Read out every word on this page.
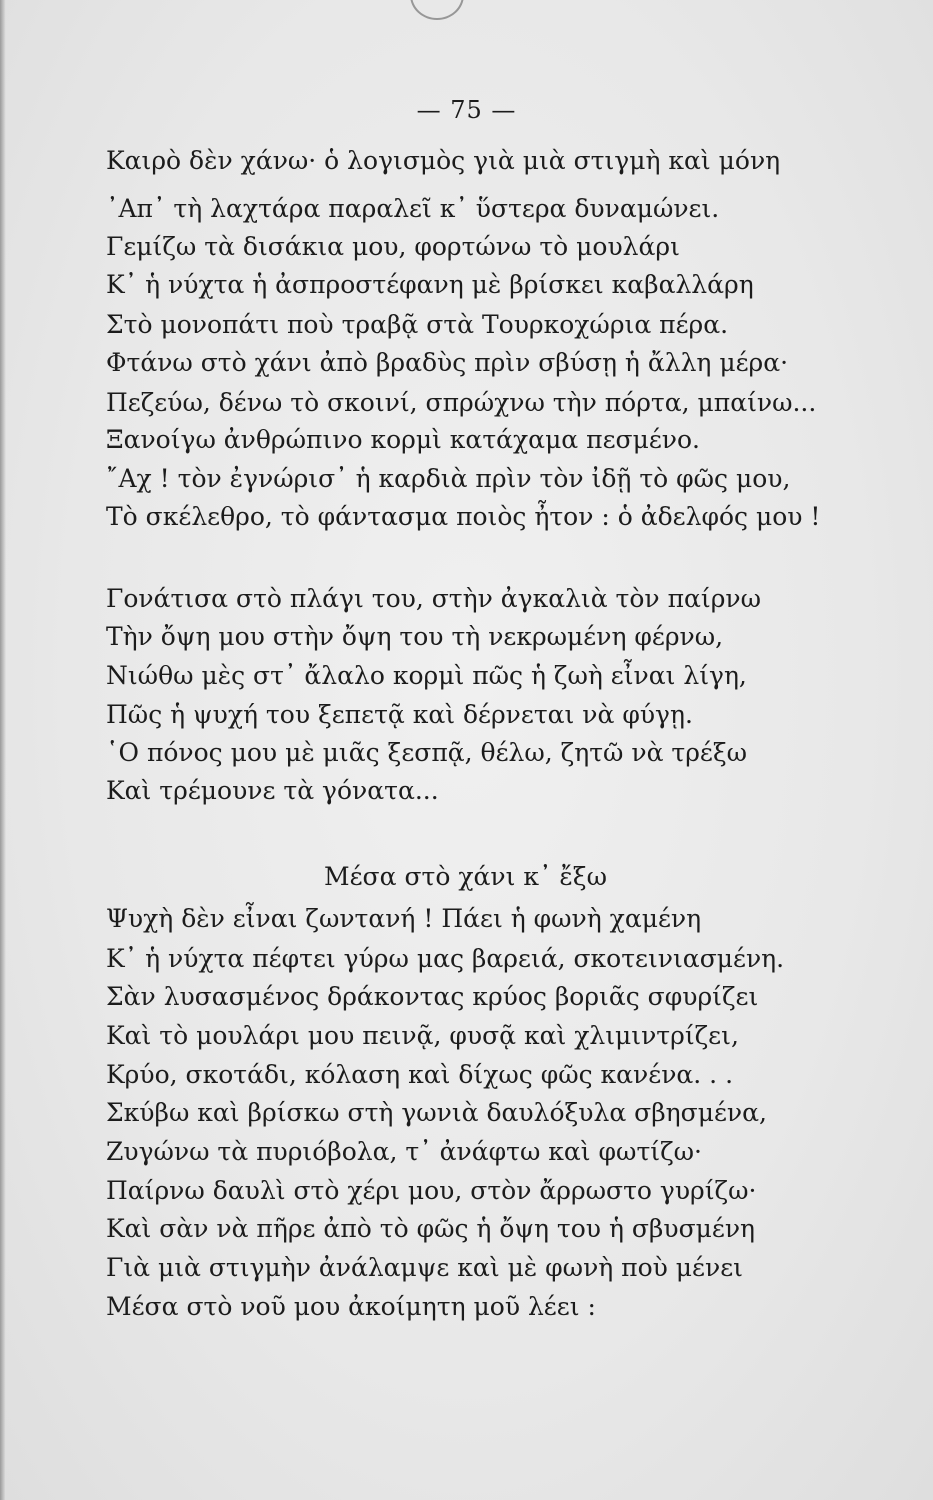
— 75 —
Καιρὸ δὲν χάνω· ὁ λογισμὸς γιὰ μιὰ στιγμὴ καὶ μόνη
᾽Απ᾽ τὴ λαχτάρα παραλεῖ κ᾽ ὕστερα δυναμώνει.
Γεμίζω τὰ δισάκια μου, φορτώνω τὸ μουλάρι
Κ᾽ ἡ νύχτα ἡ ἀσπροστέφανη μὲ βρίσκει καβαλλάρη
Στὸ μονοπάτι ποὺ τραβᾷ στὰ Τουρκοχώρια πέρα.
Φτάνω στὸ χάνι ἀπὸ βραδὺς πρὶν σβύσῃ ἡ ἄλλη μέρα·
Πεζεύω, δένω τὸ σκοινί, σπρώχνω τὴν πόρτα, μπαίνω...
Ξανοίγω ἀνθρώπινο κορμὶ κατάχαμα πεσμένο.
῎Αχ ! τὸν ἐγνώρισ᾽ ἡ καρδιὰ πρὶν τὸν ἰδῇ τὸ φῶς μου,
Τὸ σκέλεθρο, τὸ φάντασμα ποιὸς ἦτον : ὁ ἀδελφός μου !
Γονάτισα στὸ πλάγι του, στὴν ἀγκαλιὰ τὸν παίρνω
Τὴν ὄψη μου στὴν ὄψη του τὴ νεκρωμένη φέρνω,
Νιώθω μὲς στ᾽ ἄλαλο κορμὶ πῶς ἡ ζωὴ εἶναι λίγη,
Πῶς ἡ ψυχή του ξεπετᾷ καὶ δέρνεται νὰ φύγῃ.
῾Ο πόνος μου μὲ μιᾶς ξεσπᾷ, θέλω, ζητῶ νὰ τρέξω
Καὶ τρέμουνε τὰ γόνατα...
Μέσα στὸ χάνι κ᾽ ἔξω
Ψυχὴ δὲν εἶναι ζωντανή ! Πάει ἡ φωνὴ χαμένη
Κ᾽ ἡ νύχτα πέφτει γύρω μας βαρειά, σκοτεινιασμένη.
Σὰν λυσασμένος δράκοντας κρύος βοριᾶς σφυρίζει
Καὶ τὸ μουλάρι μου πεινᾷ, φυσᾷ καὶ χλιμιντρίζει,
Κρύο, σκοτάδι, κόλαση καὶ δίχως φῶς κανένα. . .
Σκύβω καὶ βρίσκω στὴ γωνιὰ δαυλόξυλα σβησμένα,
Ζυγώνω τὰ πυριόβολα, τ᾽ ἀνάφτω καὶ φωτίζω·
Παίρνω δαυλὶ στὸ χέρι μου, στὸν ἄρρωστο γυρίζω·
Καὶ σὰν νὰ πῆρε ἀπὸ τὸ φῶς ἡ ὄψη του ἡ σβυσμένη
Γιὰ μιὰ στιγμὴν ἀνάλαμψε καὶ μὲ φωνὴ ποὺ μένει
Μέσα στὸ νοῦ μου ἀκοίμητη μοῦ λέει :
